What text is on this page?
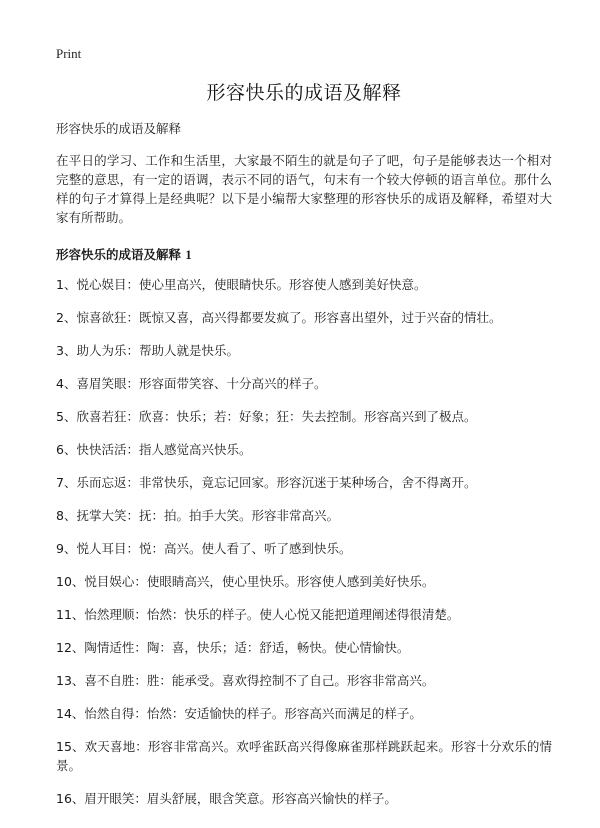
Print
形容快乐的成语及解释

形容快乐的成语及解释

在平日的学习、工作和生活里，大家最不陌生的就是句子了吧，句子是能够表达一个相对完整的意思，有一定的语调，表示不同的语气，句末有一个较大停顿的语言单位。那什么样的句子才算得上是经典呢？以下是小编帮大家整理的形容快乐的成语及解释，希望对大家有所帮助。

形容快乐的成语及解释 1
1、悦心娱目：使心里高兴，使眼睛快乐。形容使人感到美好快意。
2、惊喜欲狂：既惊又喜，高兴得都要发疯了。形容喜出望外，过于兴奋的情壮。
3、助人为乐：帮助人就是快乐。
4、喜眉笑眼：形容面带笑容、十分高兴的样子。
5、欣喜若狂：欣喜：快乐；若：好象；狂：失去控制。形容高兴到了极点。
6、快快活活：指人感觉高兴快乐。
7、乐而忘返：非常快乐，竟忘记回家。形容沉迷于某种场合，舍不得离开。
8、抚掌大笑：抚：拍。拍手大笑。形容非常高兴。
9、悦人耳目：悦：高兴。使人看了、听了感到快乐。
10、悦目娱心：使眼睛高兴，使心里快乐。形容使人感到美好快乐。
11、怡然理顺：怡然：快乐的样子。使人心悦又能把道理阐述得很清楚。
12、陶情适性：陶：喜，快乐；适：舒适，畅快。使心情愉快。
13、喜不自胜：胜：能承受。喜欢得控制不了自己。形容非常高兴。
14、怡然自得：怡然：安适愉快的样子。形容高兴而满足的样子。
15、欢天喜地：形容非常高兴。欢呼雀跃高兴得像麻雀那样跳跃起来。形容十分欢乐的情景。
16、眉开眼笑：眉头舒展，眼含笑意。形容高兴愉快的样子。
